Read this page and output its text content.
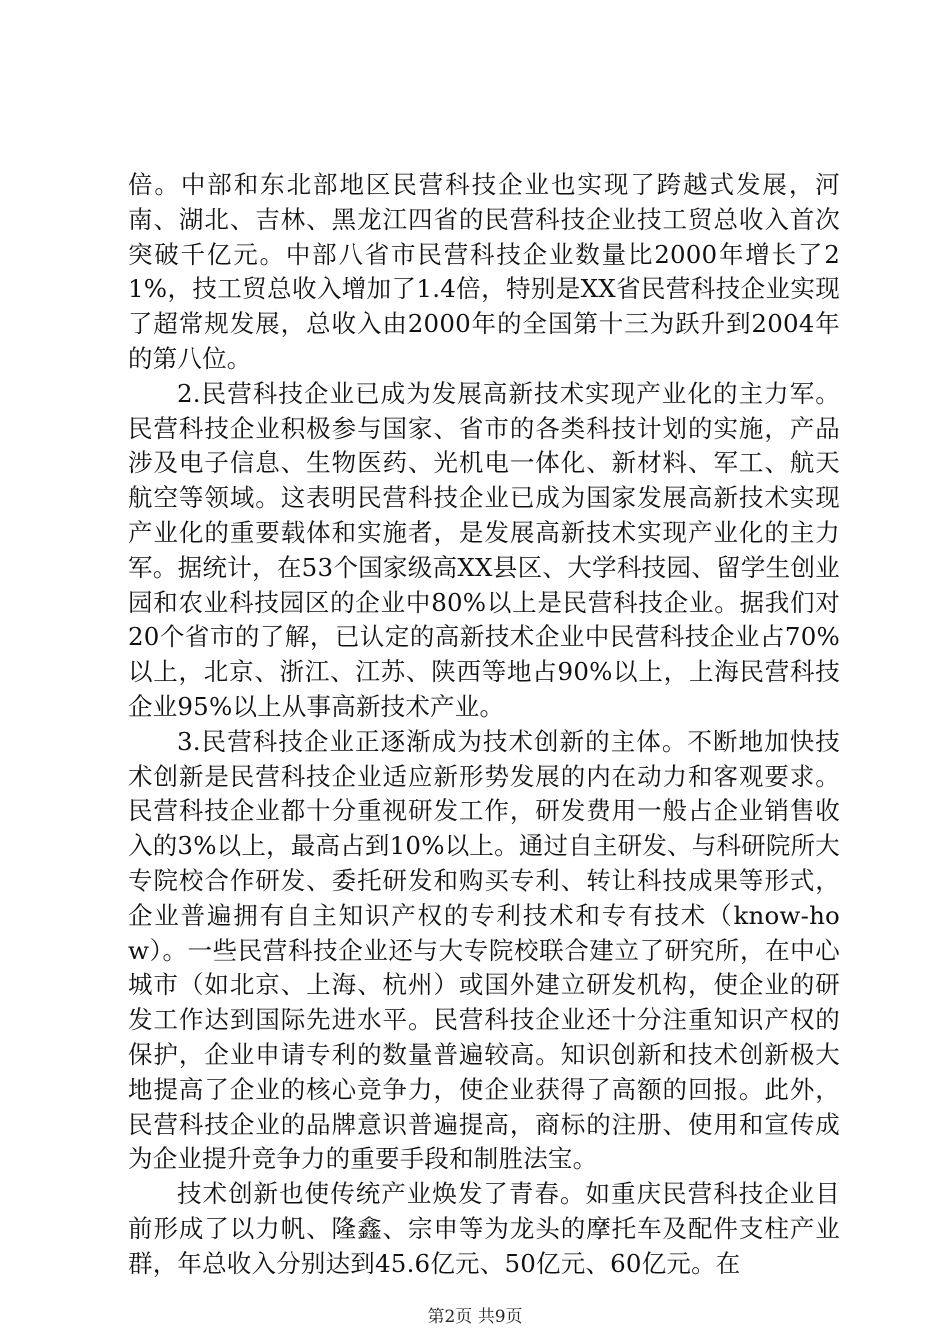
倍。中部和东北部地区民营科技企业也实现了跨越式发展，河南、湖北、吉林、黑龙江四省的民营科技企业技工贸总收入首次突破千亿元。中部八省市民营科技企业数量比2000年增长了21%，技工贸总收入增加了1.4倍，特别是XX省民营科技企业实现了超常规发展，总收入由2000年的全国第十三为跃升到2004年的第八位。

2.民营科技企业已成为发展高新技术实现产业化的主力军。民营科技企业积极参与国家、省市的各类科技计划的实施，产品涉及电子信息、生物医药、光机电一体化、新材料、军工、航天航空等领域。这表明民营科技企业已成为国家发展高新技术实现产业化的重要载体和实施者，是发展高新技术实现产业化的主力军。据统计，在53个国家级高XX县区、大学科技园、留学生创业园和农业科技园区的企业中80%以上是民营科技企业。据我们对20个省市的了解，已认定的高新技术企业中民营科技企业占70%以上，北京、浙江、江苏、陕西等地占90%以上，上海民营科技企业95%以上从事高新技术产业。

3.民营科技企业正逐渐成为技术创新的主体。不断地加快技术创新是民营科技企业适应新形势发展的内在动力和客观要求。民营科技企业都十分重视研发工作，研发费用一般占企业销售收入的3%以上，最高占到10%以上。通过自主研发、与科研院所大专院校合作研发、委托研发和购买专利、转让科技成果等形式，企业普遍拥有自主知识产权的专利技术和专有技术（know-how）。一些民营科技企业还与大专院校联合建立了研究所，在中心城市（如北京、上海、杭州）或国外建立研发机构，使企业的研发工作达到国际先进水平。民营科技企业还十分注重知识产权的保护，企业申请专利的数量普遍较高。知识创新和技术创新极大地提高了企业的核心竞争力，使企业获得了高额的回报。此外，民营科技企业的品牌意识普遍提高，商标的注册、使用和宣传成为企业提升竞争力的重要手段和制胜法宝。

技术创新也使传统产业焕发了青春。如重庆民营科技企业目前形成了以力帆、隆鑫、宗申等为龙头的摩托车及配件支柱产业群，年总收入分别达到45.6亿元、50亿元、60亿元。在

第2页 共9页
